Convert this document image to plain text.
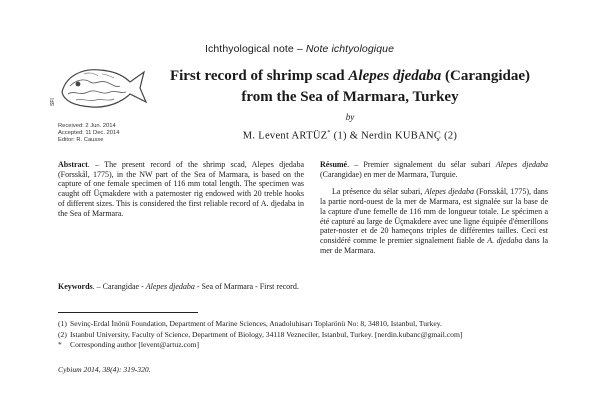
Ichthyological note – Note ichtyologique
SFI
Received: 2 Jun. 2014
Accepted: 11 Dec. 2014
Editor: R. Causse
First record of shrimp scad Alepes djedaba (Carangidae)
from the Sea of Marmara, Turkey
by
M. Levent ARTÜZ* (1) & Nerdin KUBANÇ (2)
Abstract. – The present record of the shrimp scad, Alepes djedaba (Forsskål, 1775), in the NW part of the Sea of Marmara, is based on the capture of one female specimen of 116 mm total length. The specimen was caught off Üçmakdere with a paternoster rig endowed with 20 treble hooks of different sizes. This is considered the first reliable record of A. djedaba in the Sea of Marmara.

Résumé. – Premier signalement du sélar subari Alepes djedaba (Carangidae) en mer de Marmara, Turquie.

La présence du sélar subari, Alepes djedaba (Forsskål, 1775), dans la partie nord-ouest de la mer de Marmara, est signalée sur la base de la capture d'une femelle de 116 mm de longueur totale. Le spécimen a été capturé au large de Üçmakdere avec une ligne équipée d'émerillons pater-noster et de 20 hameçons triples de différentes tailles. Ceci est considéré comme le premier signalement fiable de A. djedaba dans la mer de Marmara.

Keywords. – Carangidae - Alepes djedaba - Sea of Marmara - First record.
(1) Sevinç-Erdal İnönü Foundation, Department of Marine Sciences, Anadoluhisarı Toplarönü No: 8, 34810, Istanbul, Turkey.
(2) Istanbul University, Faculty of Science, Department of Biology, 34118 Vezneciler, Istanbul, Turkey. [nerdin.kubanc@gmail.com]
* Corresponding author [levent@artuz.com]
Cybium 2014, 38(4): 319-320.
